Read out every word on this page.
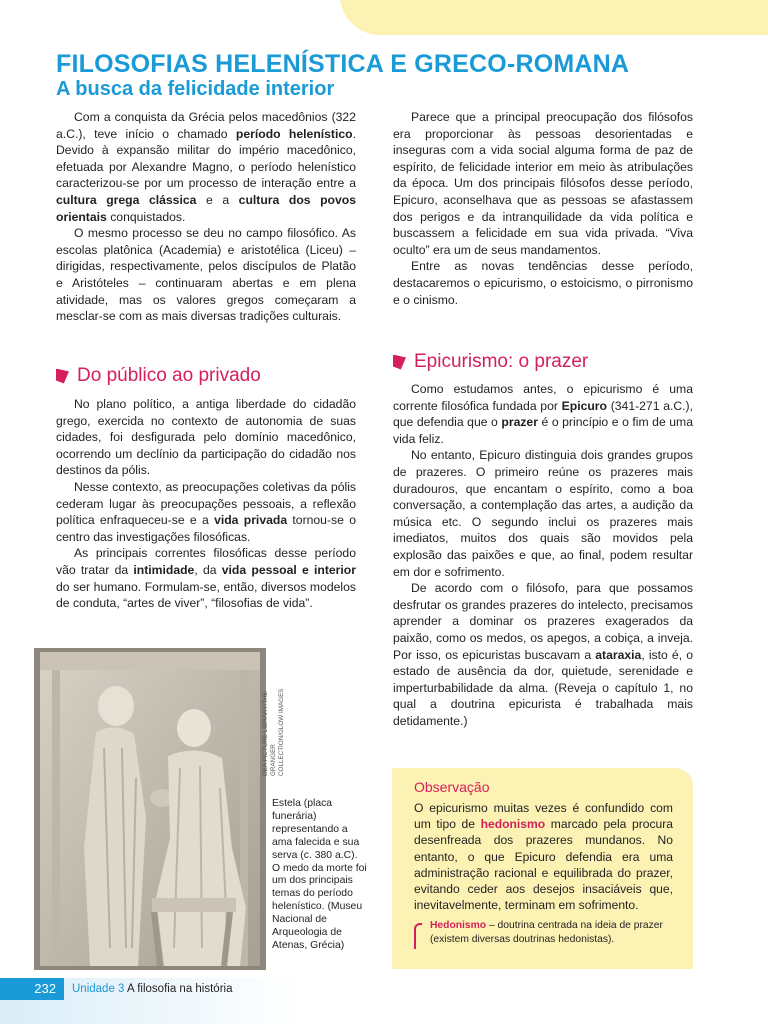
FILOSOFIAS HELENÍSTICA E GRECO-ROMANA
A busca da felicidade interior

Com a conquista da Grécia pelos macedônios (322 a.C.), teve início o chamado período helenístico. Devido à expansão militar do império macedônico, efetuada por Alexandre Magno, o período helenístico caracterizou-se por um processo de interação entre a cultura grega clássica e a cultura dos povos orientais conquistados.

O mesmo processo se deu no campo filosófico. As escolas platônica (Academia) e aristotélica (Liceu) – dirigidas, respectivamente, pelos discípulos de Platão e Aristóteles – continuaram abertas e em plena atividade, mas os valores gregos começaram a mesclar-se com as mais diversas tradições culturais.

Do público ao privado

No plano político, a antiga liberdade do cidadão grego, exercida no contexto de autonomia de suas cidades, foi desfigurada pelo domínio macedônico, ocorrendo um declínio da participação do cidadão nos destinos da pólis.

Nesse contexto, as preocupações coletivas da pólis cederam lugar às preocupações pessoais, a reflexão política enfraqueceu-se e a vida privada tornou-se o centro das investigações filosóficas.

As principais correntes filosóficas desse período vão tratar da intimidade, da vida pessoal e interior do ser humano. Formulam-se, então, diversos modelos de conduta, “artes de viver”, “filosofias de vida”.

Parece que a principal preocupação dos filósofos era proporcionar às pessoas desorientadas e inseguras com a vida social alguma forma de paz de espírito, de felicidade interior em meio às atribulações da época. Um dos principais filósofos desse período, Epicuro, aconselhava que as pessoas se afastassem dos perigos e da intranquilidade da vida política e buscassem a felicidade em sua vida privada. “Viva oculto” era um de seus mandamentos.

Entre as novas tendências desse período, destacaremos o epicurismo, o estoicismo, o pirronismo e o cinismo.

Epicurismo: o prazer

Como estudamos antes, o epicurismo é uma corrente filosófica fundada por Epicuro (341-271 a.C.), que defendia que o prazer é o princípio e o fim de uma vida feliz.

No entanto, Epicuro distinguia dois grandes grupos de prazeres. O primeiro reúne os prazeres mais duradouros, que encantam o espírito, como a boa conversação, a contemplação das artes, a audição da música etc. O segundo inclui os prazeres mais imediatos, muitos dos quais são movidos pela explosão das paixões e que, ao final, podem resultar em dor e sofrimento.

De acordo com o filósofo, para que possamos desfrutar os grandes prazeres do intelecto, precisamos aprender a dominar os prazeres exagerados da paixão, como os medos, os apegos, a cobiça, a inveja. Por isso, os epicuristas buscavam a ataraxia, isto é, o estado de ausência da dor, quietude, serenidade e imperturbabilidade da alma. (Reveja o capítulo 1, no qual a doutrina epicurista é trabalhada mais detidamente.)

DEA PICTURE LIBRARY/THE GRANGER
COLLECTION/GLOW IMAGES

Estela (placa funerária) representando a ama falecida e sua serva (c. 380 a.C). O medo da morte foi um dos principais temas do período helenístico. (Museu Nacional de Arqueologia de Atenas, Grécia)

Observação

O epicurismo muitas vezes é confundido com um tipo de hedonismo marcado pela procura desenfreada dos prazeres mundanos. No entanto, o que Epicuro defendia era uma administração racional e equilibrada do prazer, evitando ceder aos desejos insaciáveis que, inevitavelmente, terminam em sofrimento.

Hedonismo – doutrina centrada na ideia de prazer (existem diversas doutrinas hedonistas).
232	Unidade 3 A filosofia na história
